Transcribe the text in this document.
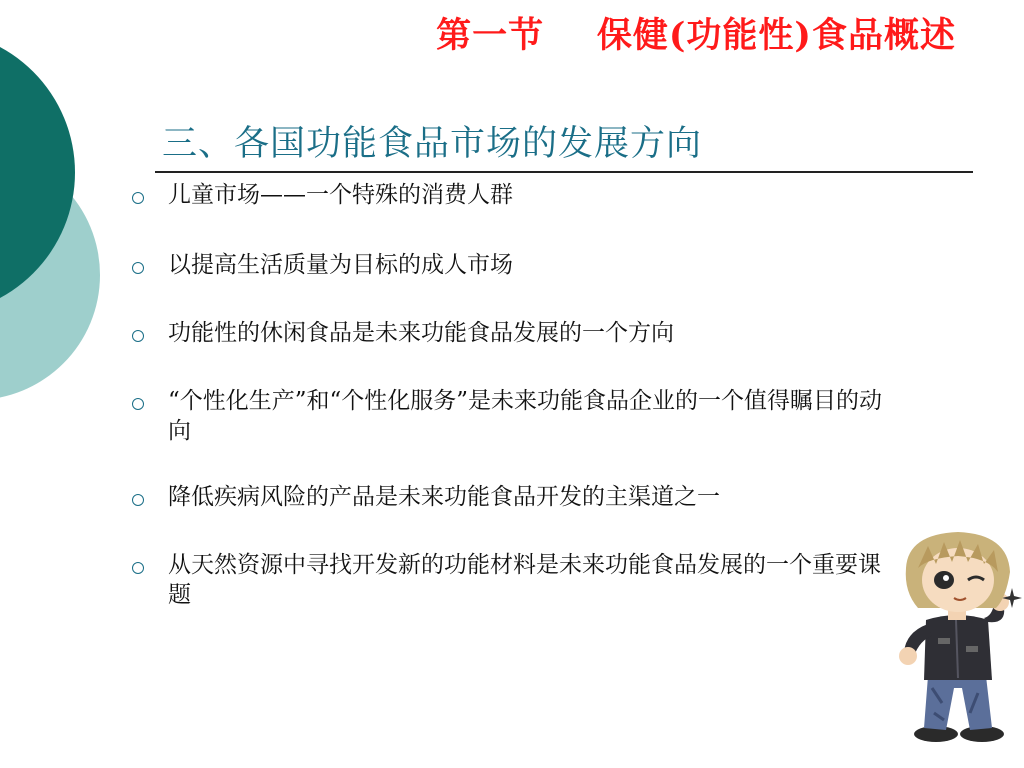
第一节    保健(功能性)食品概述
三、各国功能食品市场的发展方向
儿童市场——一个特殊的消费人群
以提高生活质量为目标的成人市场
功能性的休闲食品是未来功能食品发展的一个方向
“个性化生产”和“个性化服务”是未来功能食品企业的一个值得瞩目的动向
降低疾病风险的产品是未来功能食品开发的主渠道之一
从天然资源中寻找开发新的功能材料是未来功能食品发展的一个重要课题
